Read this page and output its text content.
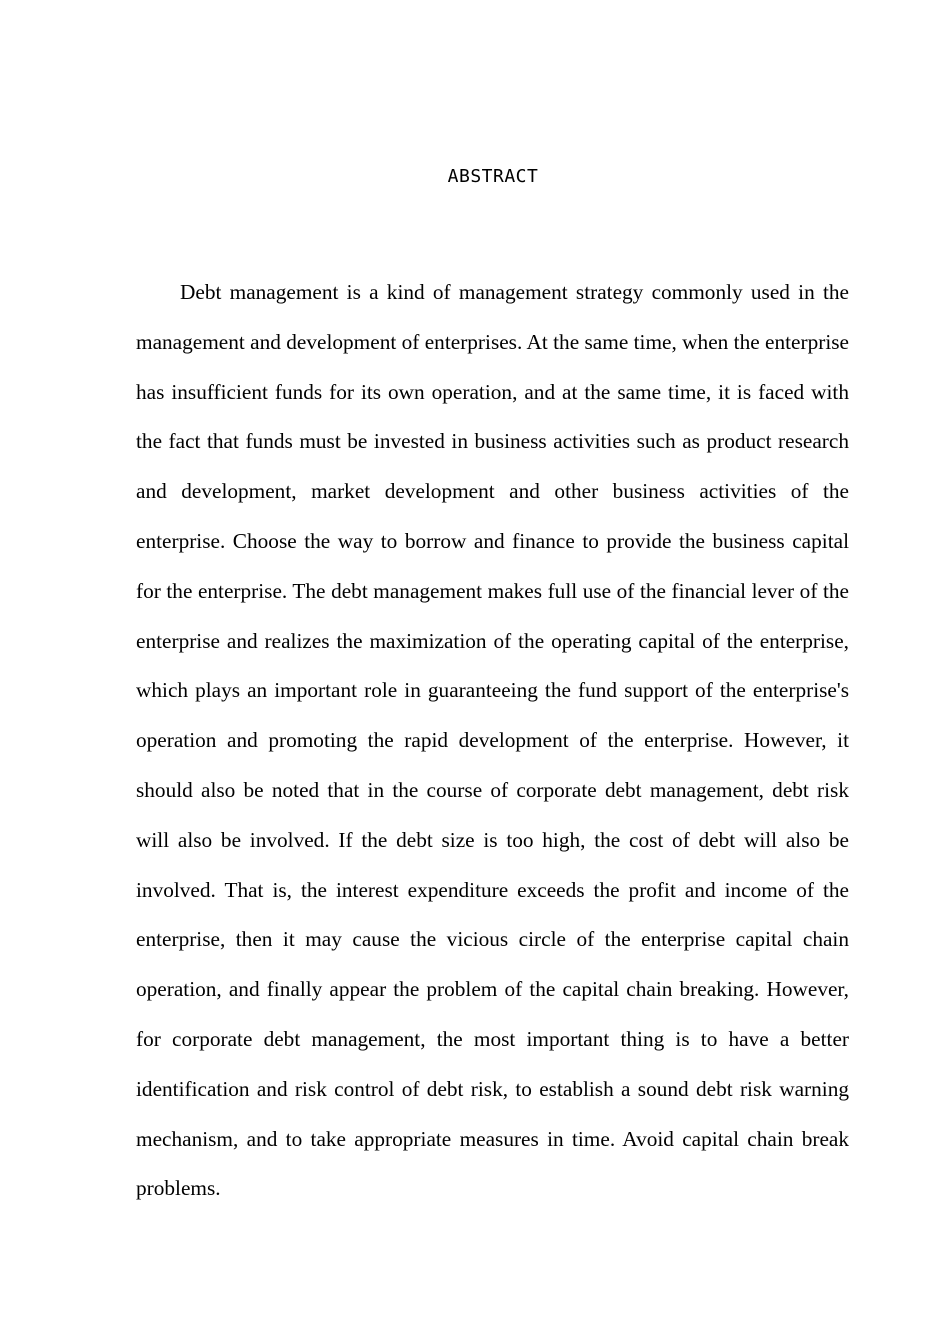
ABSTRACT

Debt management is a kind of management strategy commonly used in the management and development of enterprises. At the same time, when the enterprise has insufficient funds for its own operation, and at the same time, it is faced with the fact that funds must be invested in business activities such as product research and development, market development and other business activities of the enterprise. Choose the way to borrow and finance to provide the business capital for the enterprise. The debt management makes full use of the financial lever of the enterprise and realizes the maximization of the operating capital of the enterprise, which plays an important role in guaranteeing the fund support of the enterprise's operation and promoting the rapid development of the enterprise. However, it should also be noted that in the course of corporate debt management, debt risk will also be involved. If the debt size is too high, the cost of debt will also be involved. That is, the interest expenditure exceeds the profit and income of the enterprise, then it may cause the vicious circle of the enterprise capital chain operation, and finally appear the problem of the capital chain breaking. However, for corporate debt management, the most important thing is to have a better identification and risk control of debt risk, to establish a sound debt risk warning mechanism, and to take appropriate measures in time. Avoid capital chain break problems.
